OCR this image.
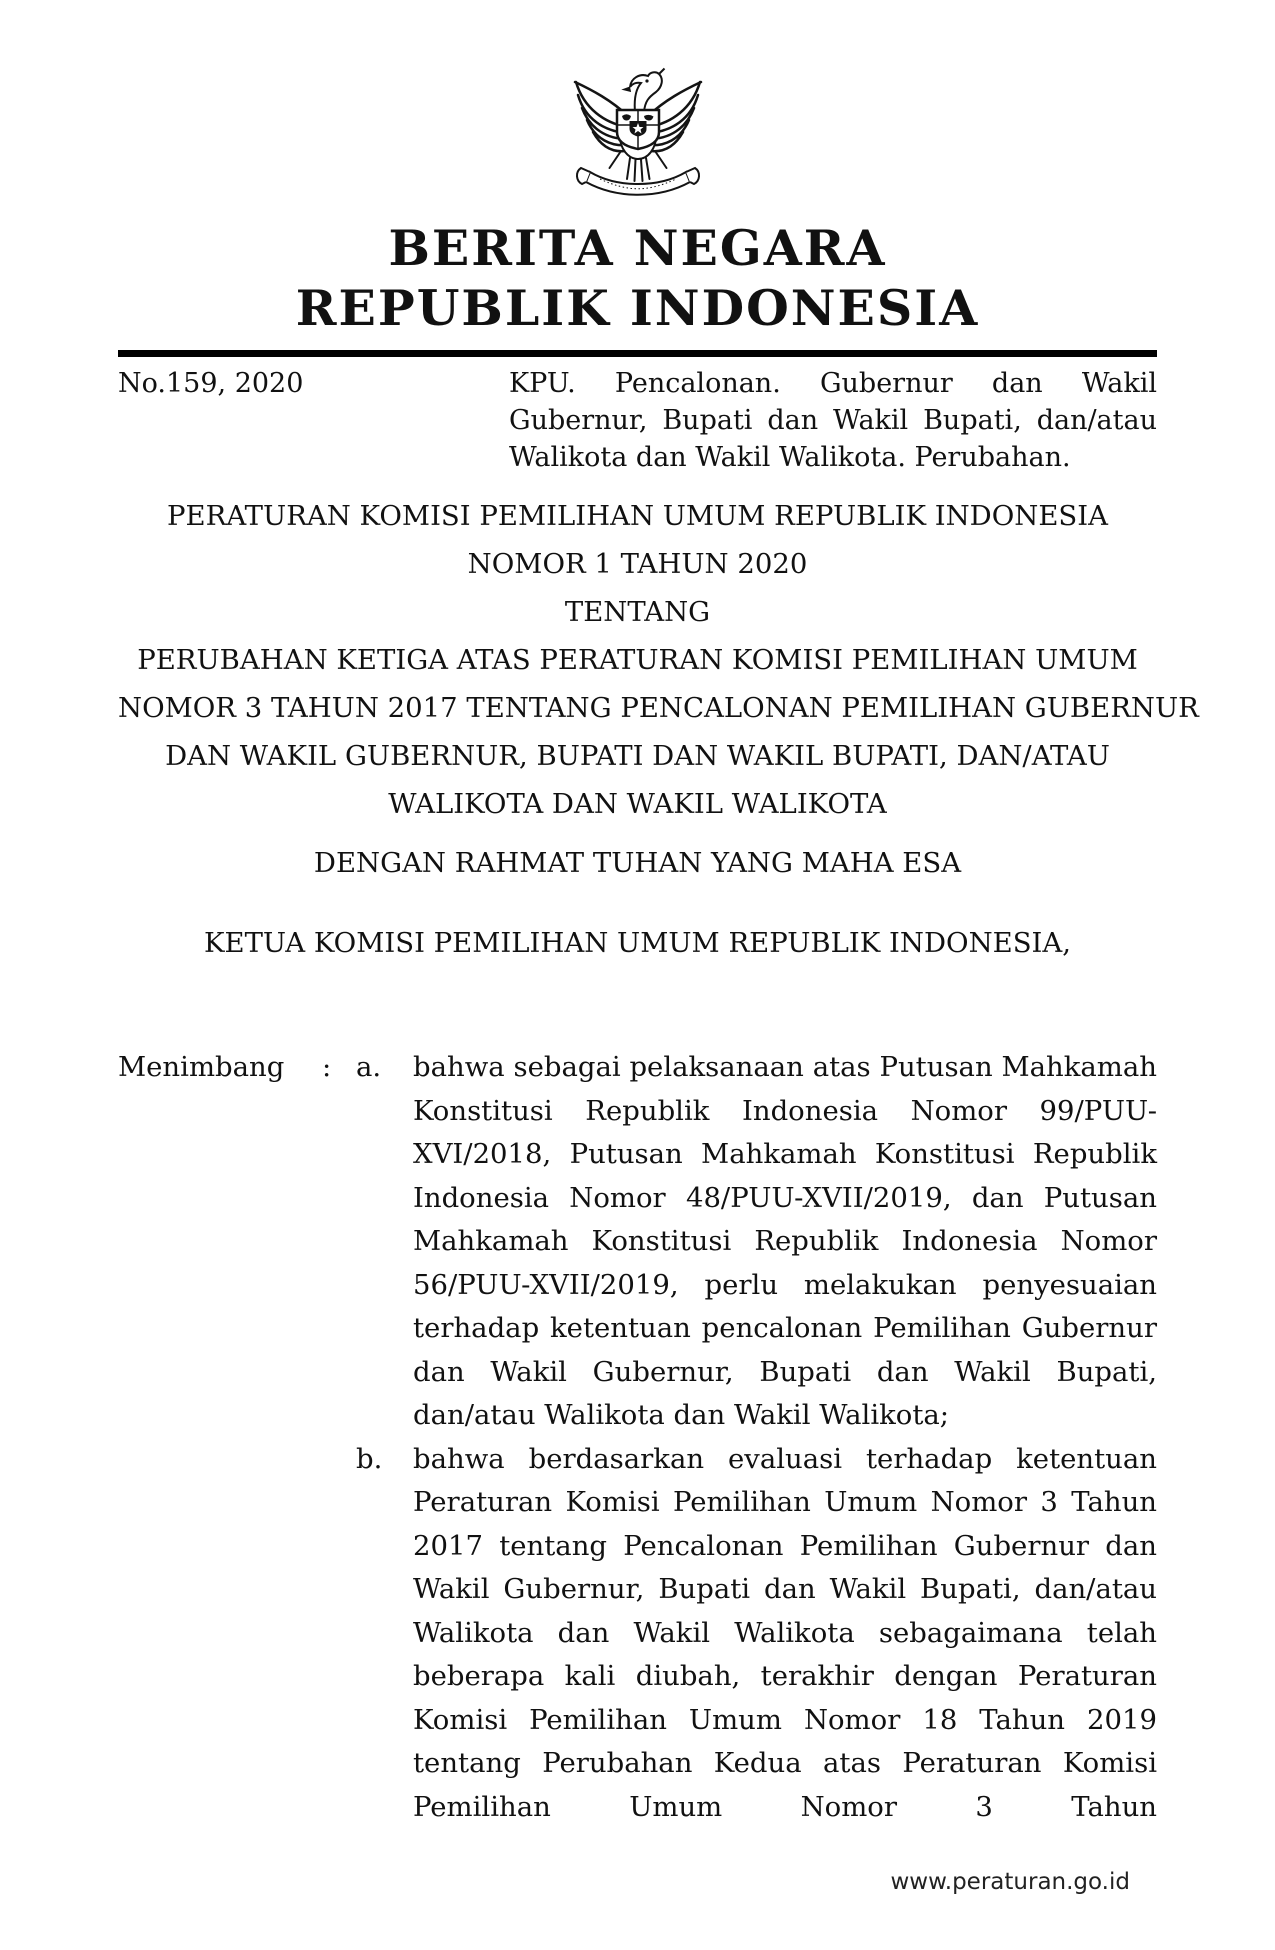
BERITA NEGARA
REPUBLIK INDONESIA
No.159, 2020	KPU. Pencalonan. Gubernur dan Wakil Gubernur, Bupati dan Wakil Bupati, dan/atau Walikota dan Wakil Walikota. Perubahan.

PERATURAN KOMISI PEMILIHAN UMUM REPUBLIK INDONESIA
NOMOR 1 TAHUN 2020
TENTANG
PERUBAHAN KETIGA ATAS PERATURAN KOMISI PEMILIHAN UMUM
NOMOR 3 TAHUN 2017 TENTANG PENCALONAN PEMILIHAN GUBERNUR
DAN WAKIL GUBERNUR, BUPATI DAN WAKIL BUPATI, DAN/ATAU
WALIKOTA DAN WAKIL WALIKOTA

DENGAN RAHMAT TUHAN YANG MAHA ESA

KETUA KOMISI PEMILIHAN UMUM REPUBLIK INDONESIA,

Menimbang	: a.	bahwa sebagai pelaksanaan atas Putusan Mahkamah Konstitusi Republik Indonesia Nomor 99/PUU-XVI/2018, Putusan Mahkamah Konstitusi Republik Indonesia Nomor 48/PUU-XVII/2019, dan Putusan Mahkamah Konstitusi Republik Indonesia Nomor 56/PUU-XVII/2019, perlu melakukan penyesuaian terhadap ketentuan pencalonan Pemilihan Gubernur dan Wakil Gubernur, Bupati dan Wakil Bupati, dan/atau Walikota dan Wakil Walikota;

b.	bahwa berdasarkan evaluasi terhadap ketentuan Peraturan Komisi Pemilihan Umum Nomor 3 Tahun 2017 tentang Pencalonan Pemilihan Gubernur dan Wakil Gubernur, Bupati dan Wakil Bupati, dan/atau Walikota dan Wakil Walikota sebagaimana telah beberapa kali diubah, terakhir dengan Peraturan Komisi Pemilihan Umum Nomor 18 Tahun 2019 tentang Perubahan Kedua atas Peraturan Komisi Pemilihan Umum Nomor 3 Tahun

www.peraturan.go.id
